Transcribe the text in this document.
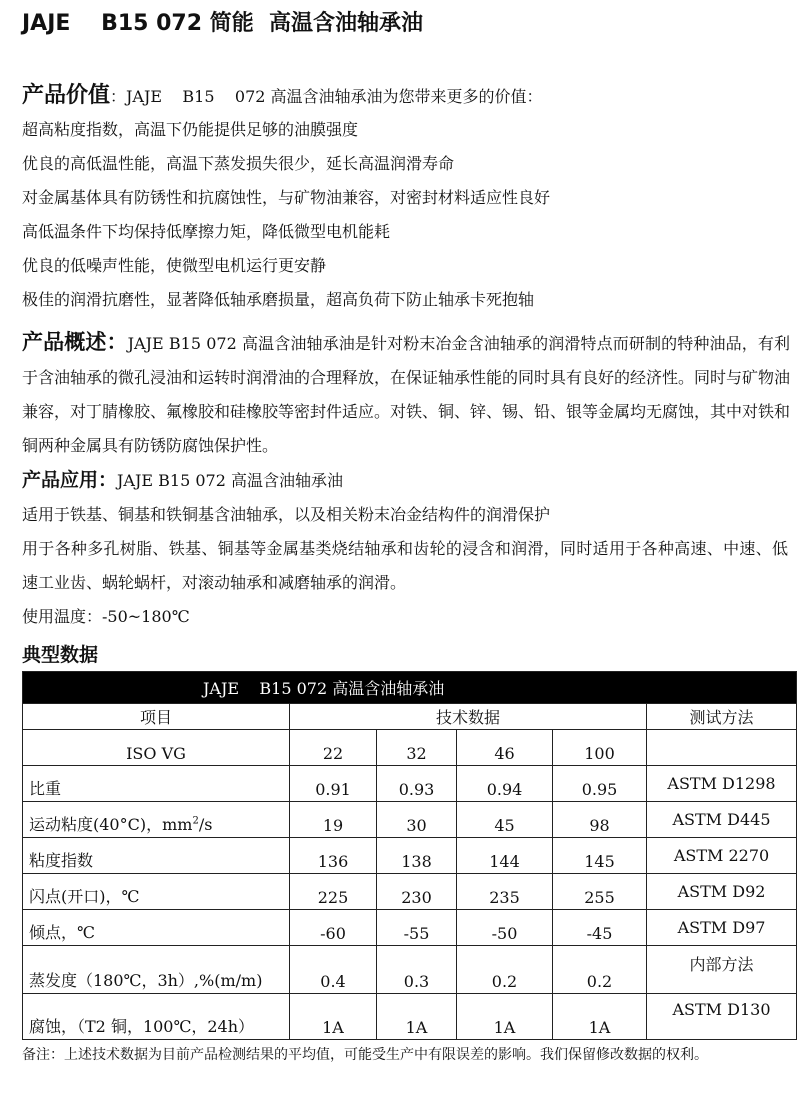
JAJE    B15 072 简能  高温含油轴承油
产品价值：JAJE    B15    072 高温含油轴承油为您带来更多的价值：
超高粘度指数，高温下仍能提供足够的油膜强度
优良的高低温性能，高温下蒸发损失很少，延长高温润滑寿命
对金属基体具有防锈性和抗腐蚀性，与矿物油兼容，对密封材料适应性良好
高低温条件下均保持低摩擦力矩，降低微型电机能耗
优良的低噪声性能，使微型电机运行更安静
极佳的润滑抗磨性，显著降低轴承磨损量，超高负荷下防止轴承卡死抱轴
产品概述：JAJE B15 072 高温含油轴承油是针对粉末冶金含油轴承的润滑特点而研制的特种油品，有利于含油轴承的微孔浸油和运转时润滑油的合理释放，在保证轴承性能的同时具有良好的经济性。同时与矿物油兼容，对丁腈橡胶、氟橡胶和硅橡胶等密封件适应。对铁、铜、锌、锡、铅、银等金属均无腐蚀，其中对铁和铜两种金属具有防锈防腐蚀保护性。
产品应用：JAJE B15 072 高温含油轴承油
适用于铁基、铜基和铁铜基含油轴承，以及相关粉末冶金结构件的润滑保护
用于各种多孔树脂、铁基、铜基等金属基类烧结轴承和齿轮的浸含和润滑，同时适用于各种高速、中速、低速工业齿、蜗轮蜗杆，对滚动轴承和减磨轴承的润滑。
使用温度：-50~180℃
典型数据
JAJE    B15 072 高温含油轴承油					
项目	技术数据				测试方法
ISO VG	22	32	46	100	
比重	0.91	0.93	0.94	0.95	ASTM D1298
运动粘度(40°C)，$mm^2/s$	19	30	45	98	ASTM D445
粘度指数	136	138	144	145	ASTM 2270
闪点(开口)，℃	225	230	235	255	ASTM D92
倾点，℃	-60	-55	-50	-45	ASTM D97
蒸发度（180℃，3h）,%(m/m)	0.4	0.3	0.2	0.2	内部方法
腐蚀，（T2 铜，100℃，24h）	1A	1A	1A	1A	ASTM D130
备注：上述技术数据为目前产品检测结果的平均值，可能受生产中有限误差的影响。我们保留修改数据的权利。
